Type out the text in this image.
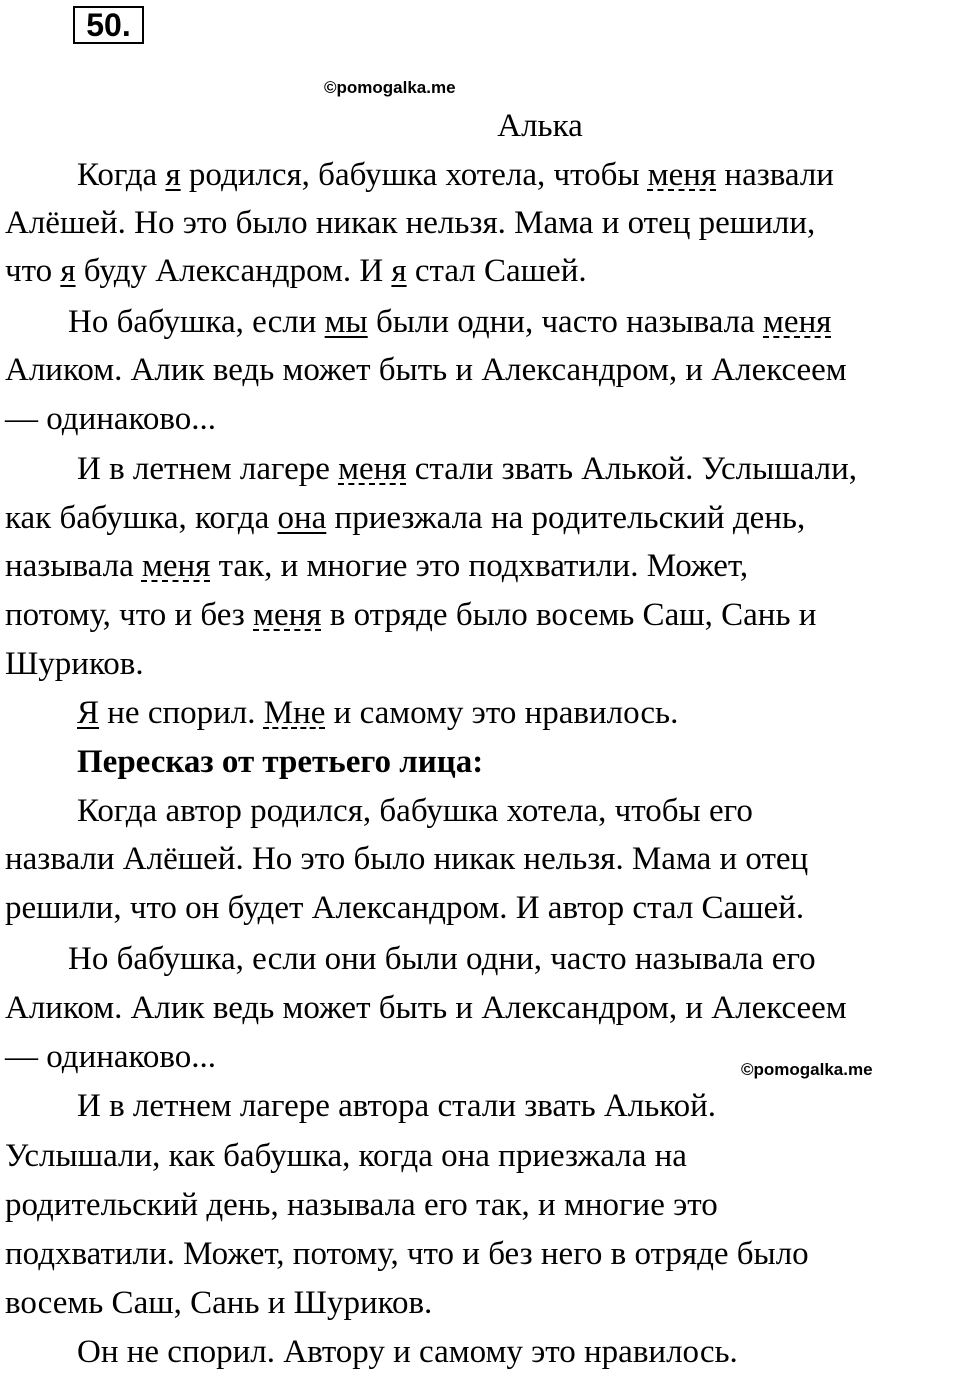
50.
©pomogalka.me
Алька
Когда я родился, бабушка хотела, чтобы меня назвали
Алёшей. Но это было никак нельзя. Мама и отец решили,
что я буду Александром. И я стал Сашей.
Но бабушка, если мы были одни, часто называла меня
Аликом. Алик ведь может быть и Александром, и Алексеем
— одинаково...
И в летнем лагере меня стали звать Алькой. Услышали,
как бабушка, когда она приезжала на родительский день,
называла меня так, и многие это подхватили. Может,
потому, что и без меня в отряде было восемь Саш, Сань и
Шуриков.
Я не спорил. Мне и самому это нравилось.
Пересказ от третьего лица:
Когда автор родился, бабушка хотела, чтобы его
назвали Алёшей. Но это было никак нельзя. Мама и отец
решили, что он будет Александром. И автор стал Сашей.
Но бабушка, если они были одни, часто называла его
Аликом. Алик ведь может быть и Александром, и Алексеем
— одинаково...	©pomogalka.me
И в летнем лагере автора стали звать Алькой.
Услышали, как бабушка, когда она приезжала на
родительский день, называла его так, и многие это
подхватили. Может, потому, что и без него в отряде было
восемь Саш, Сань и Шуриков.
Он не спорил. Автору и самому это нравилось.
